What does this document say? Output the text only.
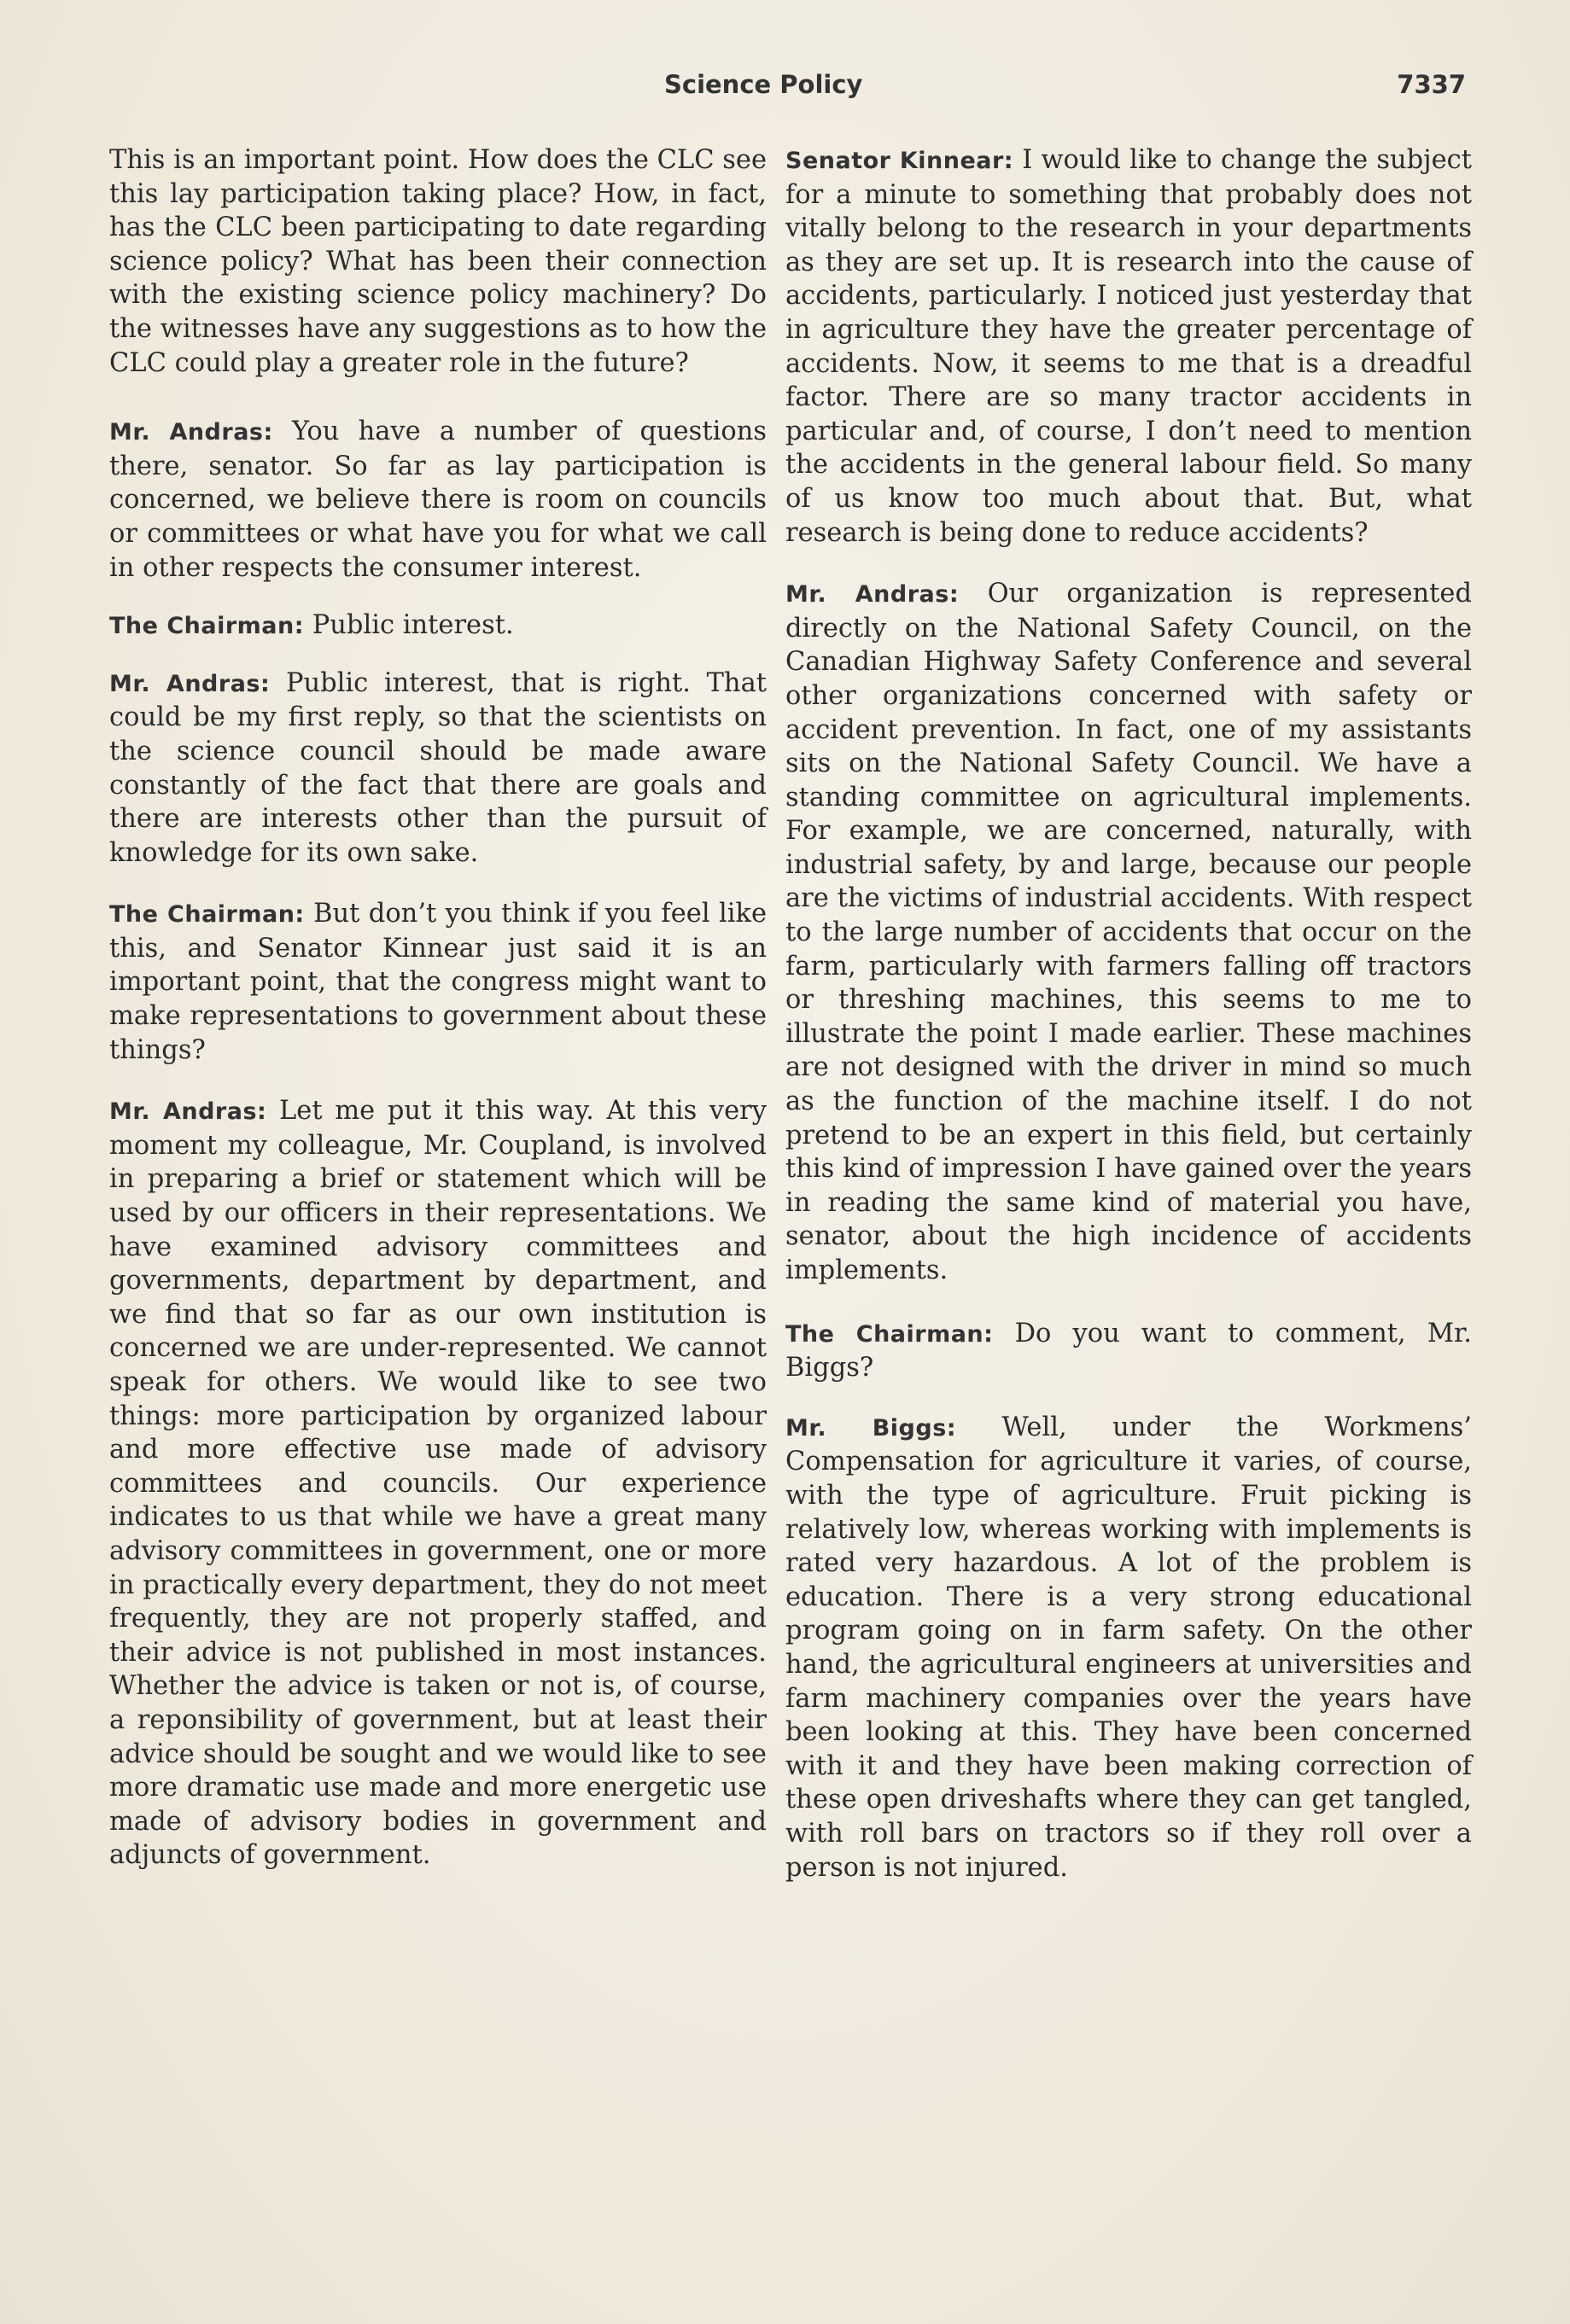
Science Policy	7337

This is an important point. How does the CLC see this lay participation taking place? How, in fact, has the CLC been participating to date regarding science policy? What has been their connection with the existing science policy machinery? Do the witnesses have any suggestions as to how the CLC could play a greater role in the future?

Mr. Andras: You have a number of questions there, senator. So far as lay participation is concerned, we believe there is room on councils or committees or what have you for what we call in other respects the consumer interest.

The Chairman: Public interest.

Mr. Andras: Public interest, that is right. That could be my first reply, so that the scientists on the science council should be made aware constantly of the fact that there are goals and there are interests other than the pursuit of knowledge for its own sake.

The Chairman: But don’t you think if you feel like this, and Senator Kinnear just said it is an important point, that the congress might want to make representations to government about these things?

Mr. Andras: Let me put it this way. At this very moment my colleague, Mr. Coupland, is involved in preparing a brief or statement which will be used by our officers in their representations. We have examined advisory committees and governments, department by department, and we find that so far as our own institution is concerned we are under-represented. We cannot speak for others. We would like to see two things: more participation by organized labour and more effective use made of advisory committees and councils. Our experience indicates to us that while we have a great many advisory committees in government, one or more in practically every department, they do not meet frequently, they are not properly staffed, and their advice is not published in most instances. Whether the advice is taken or not is, of course, a reponsibility of government, but at least their advice should be sought and we would like to see more dramatic use made and more energetic use made of advisory bodies in government and adjuncts of government.

Senator Kinnear: I would like to change the subject for a minute to something that probably does not vitally belong to the research in your departments as they are set up. It is research into the cause of accidents, particularly. I noticed just yesterday that in agriculture they have the greater percentage of accidents. Now, it seems to me that is a dreadful factor. There are so many tractor accidents in particular and, of course, I don’t need to mention the accidents in the general labour field. So many of us know too much about that. But, what research is being done to reduce accidents?

Mr. Andras: Our organization is represented directly on the National Safety Council, on the Canadian Highway Safety Conference and several other organizations concerned with safety or accident prevention. In fact, one of my assistants sits on the National Safety Council. We have a standing committee on agricultural implements. For example, we are concerned, naturally, with industrial safety, by and large, because our people are the victims of industrial accidents. With respect to the large number of accidents that occur on the farm, particularly with farmers falling off tractors or threshing machines, this seems to me to illustrate the point I made earlier. These machines are not designed with the driver in mind so much as the function of the machine itself. I do not pretend to be an expert in this field, but certainly this kind of impression I have gained over the years in reading the same kind of material you have, senator, about the high incidence of accidents implements.

The Chairman: Do you want to comment, Mr. Biggs?

Mr. Biggs: Well, under the Workmens’ Compensation for agriculture it varies, of course, with the type of agriculture. Fruit picking is relatively low, whereas working with implements is rated very hazardous. A lot of the problem is education. There is a very strong educational program going on in farm safety. On the other hand, the agricultural engineers at universities and farm machinery companies over the years have been looking at this. They have been concerned with it and they have been making correction of these open driveshafts where they can get tangled, with roll bars on tractors so if they roll over a person is not injured.
